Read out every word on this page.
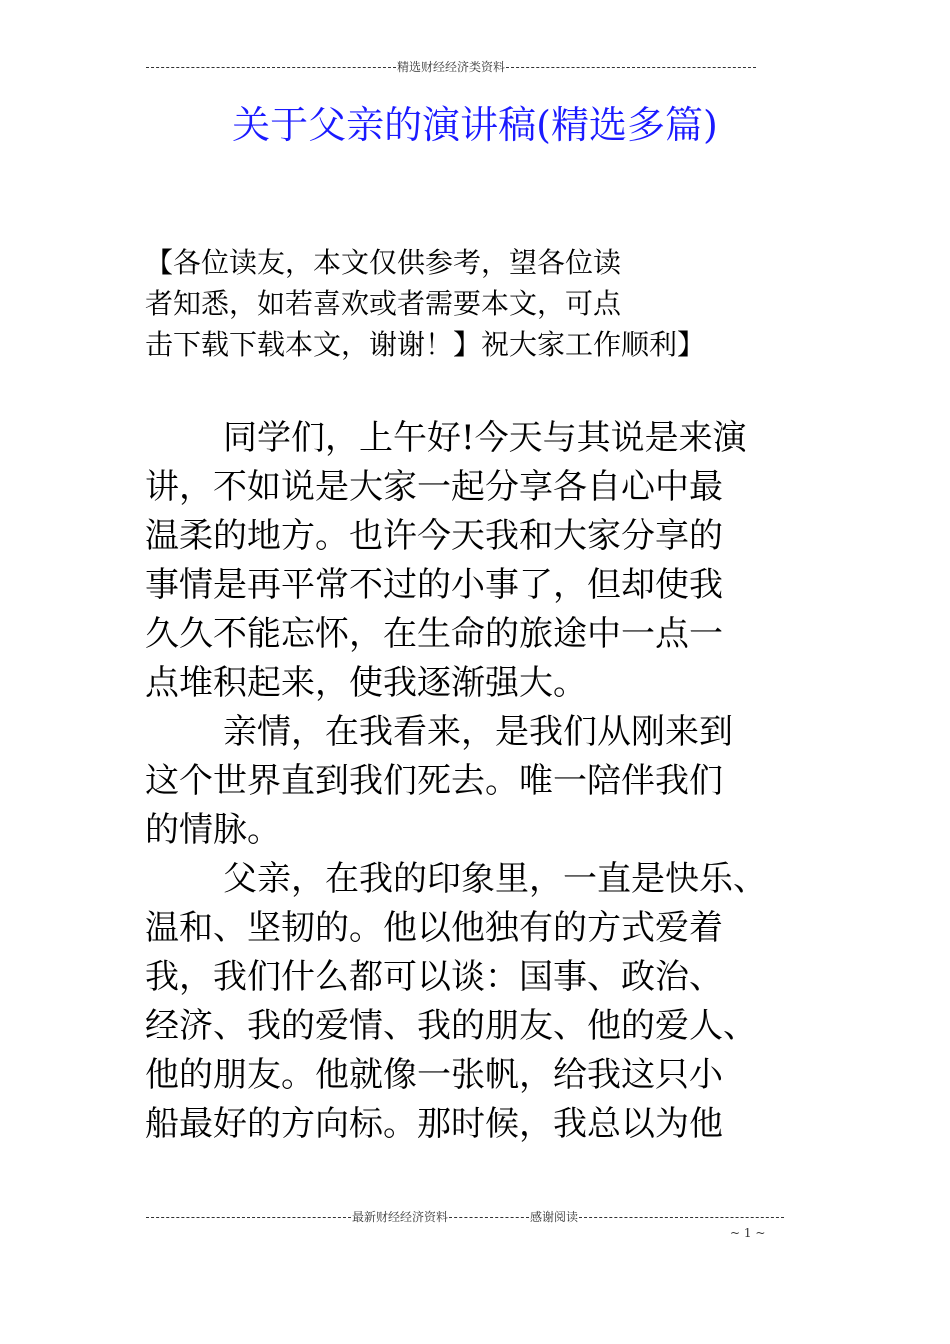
精选财经经济类资料
关于父亲的演讲稿(精选多篇)
【各位读友，本文仅供参考，望各位读
者知悉，如若喜欢或者需要本文，可点
击下载下载本文，谢谢！】祝大家工作顺利】
同学们，上午好!今天与其说是来演
讲，不如说是大家一起分享各自心中最
温柔的地方。也许今天我和大家分享的
事情是再平常不过的小事了，但却使我
久久不能忘怀，在生命的旅途中一点一
点堆积起来，使我逐渐强大。
亲情，在我看来，是我们从刚来到
这个世界直到我们死去。唯一陪伴我们
的情脉。
父亲，在我的印象里，一直是快乐、
温和、坚韧的。他以他独有的方式爱着
我，我们什么都可以谈：国事、政治、
经济、我的爱情、我的朋友、他的爱人、
他的朋友。他就像一张帆，给我这只小
船最好的方向标。那时候，我总以为他
最新财经经济资料	感谢阅读
~ 1 ~
